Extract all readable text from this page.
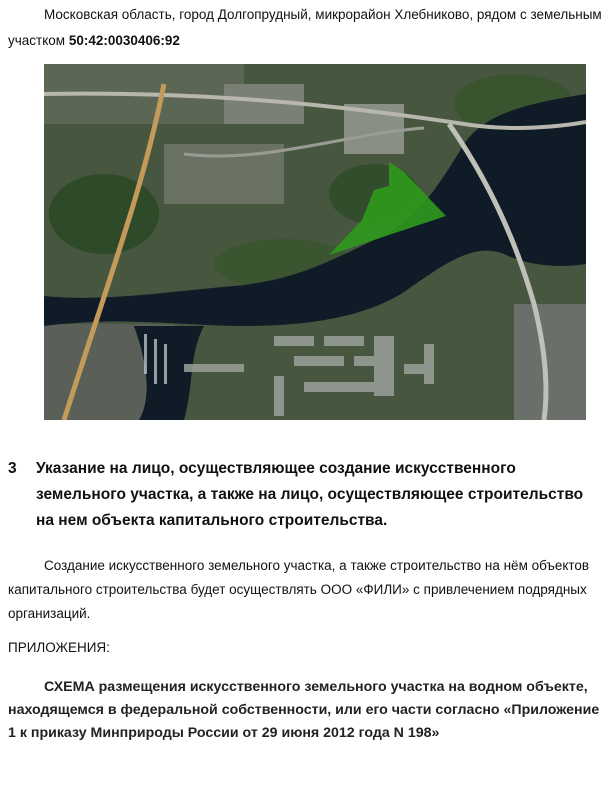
Московская область, город Долгопрудный, микрорайон Хлебниково, рядом с земельным участком 50:42:0030406:92

3	Указание на лицо, осуществляющее создание искусственного земельного участка, а также на лицо, осуществляющее строительство на нем объекта капитального строительства.

Создание искусственного земельного участка, а также строительство на нём объектов капитального строительства будет осуществлять ООО «ФИЛИ» с привлечением подрядных организаций.

ПРИЛОЖЕНИЯ:

СХЕМА размещения искусственного земельного участка на водном объекте, находящемся в федеральной собственности, или его части согласно «Приложение 1 к приказу Минприроды России от 29 июня 2012 года N 198»
